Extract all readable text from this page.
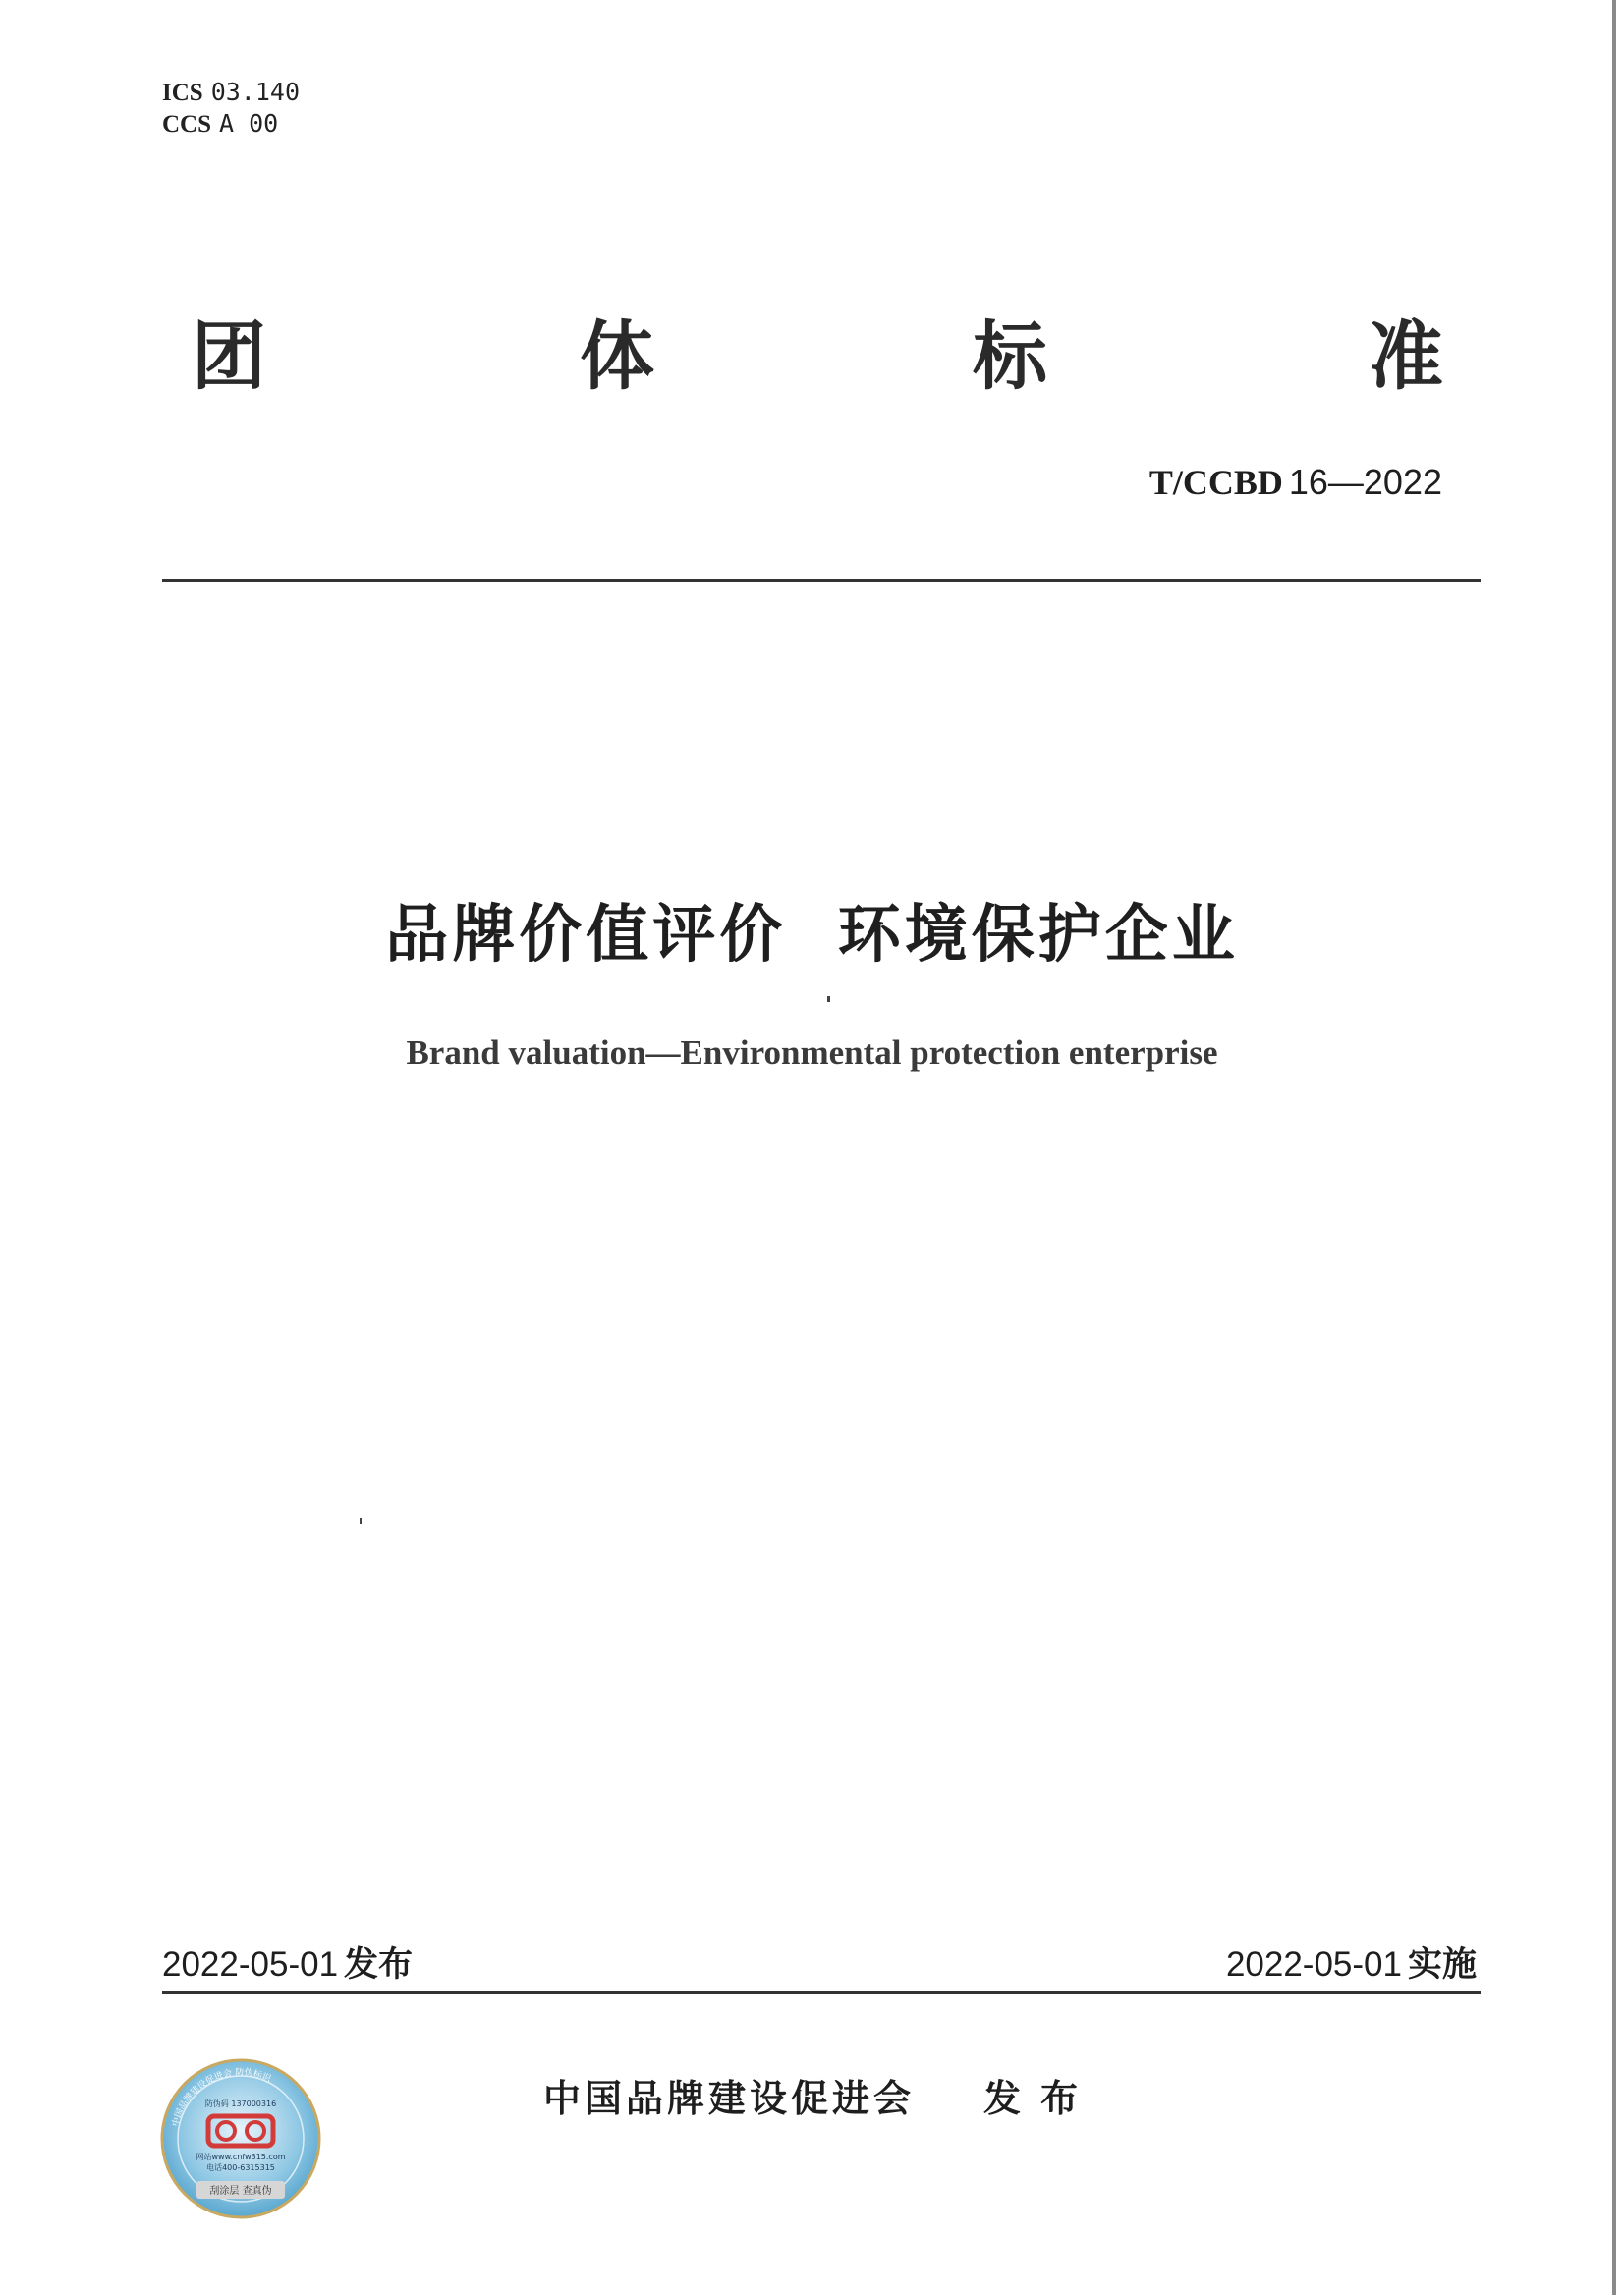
ICS 03.140
CCS A 00
团	体	标	准
T/CCBD 16—2022
品牌价值评价  环境保护企业
Brand valuation—Environmental protection enterprise
2022-05-01 发布	2022-05-01 实施
中国品牌建设促进会 防伪标识
防伪码 137000316
网站www.cnfw315.com
电话400-6315315
刮涂层 查真伪
中国品牌建设促进会 发布
